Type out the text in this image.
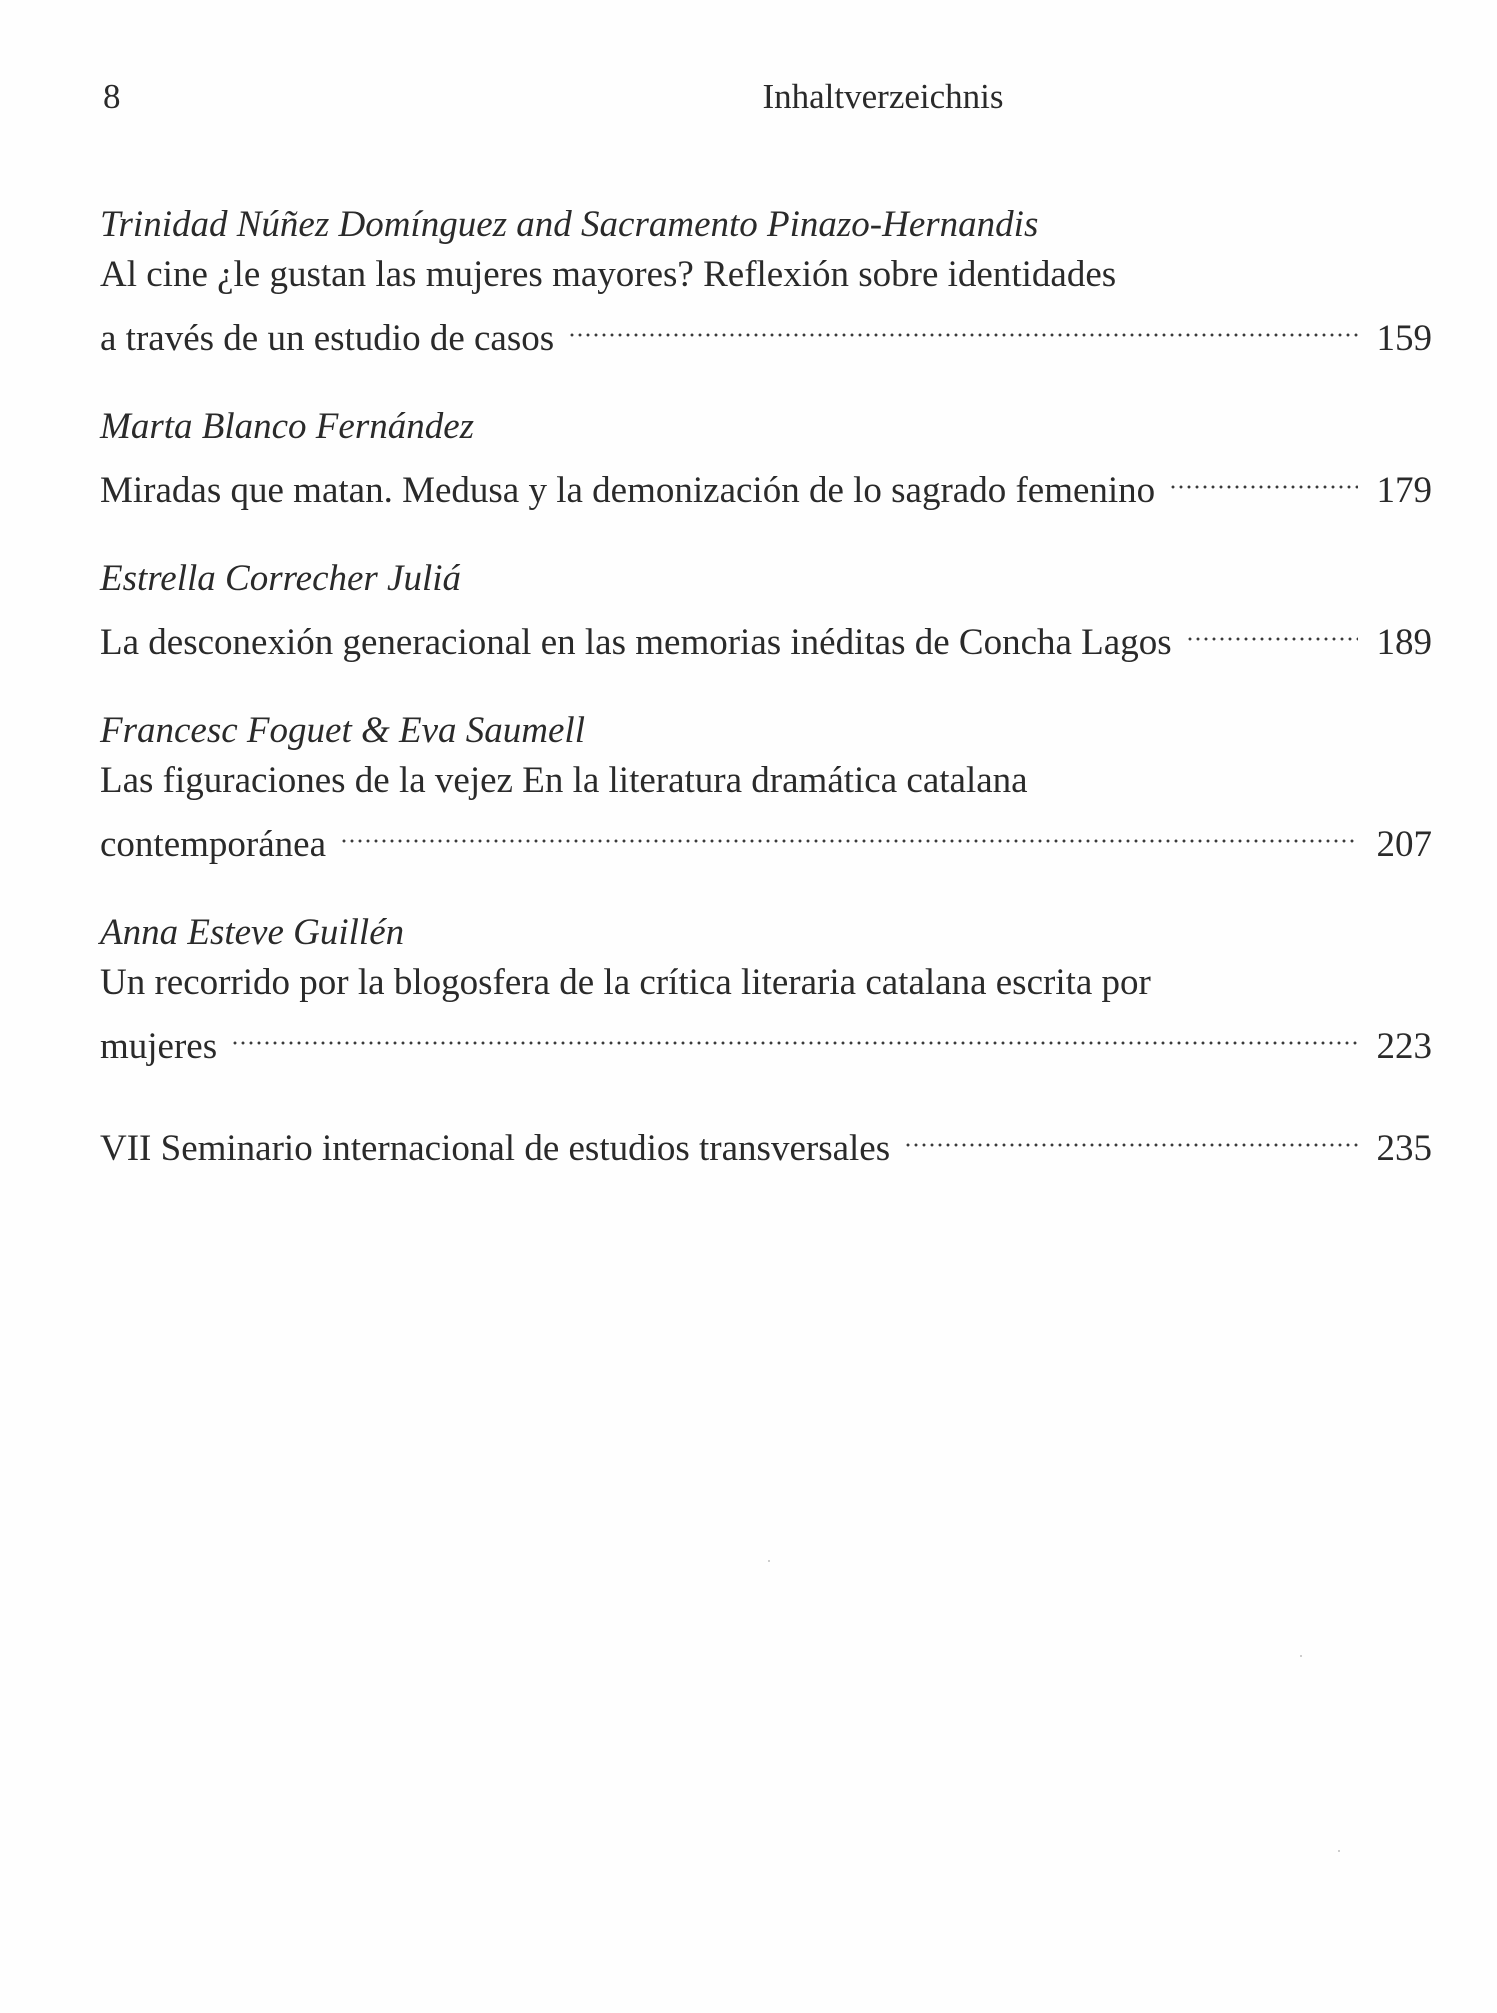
8	Inhaltverzeichnis
Trinidad Núñez Domínguez and Sacramento Pinazo-Hernandis
Al cine ¿le gustan las mujeres mayores? Reflexión sobre identidades
a través de un estudio de casos	159
Marta Blanco Fernández
Miradas que matan. Medusa y la demonización de lo sagrado femenino	179
Estrella Correcher Juliá
La desconexión generacional en las memorias inéditas de Concha Lagos	189
Francesc Foguet & Eva Saumell
Las figuraciones de la vejez En la literatura dramática catalana
contemporánea	207
Anna Esteve Guillén
Un recorrido por la blogosfera de la crítica literaria catalana escrita por
mujeres	223
VII Seminario internacional de estudios transversales	235
